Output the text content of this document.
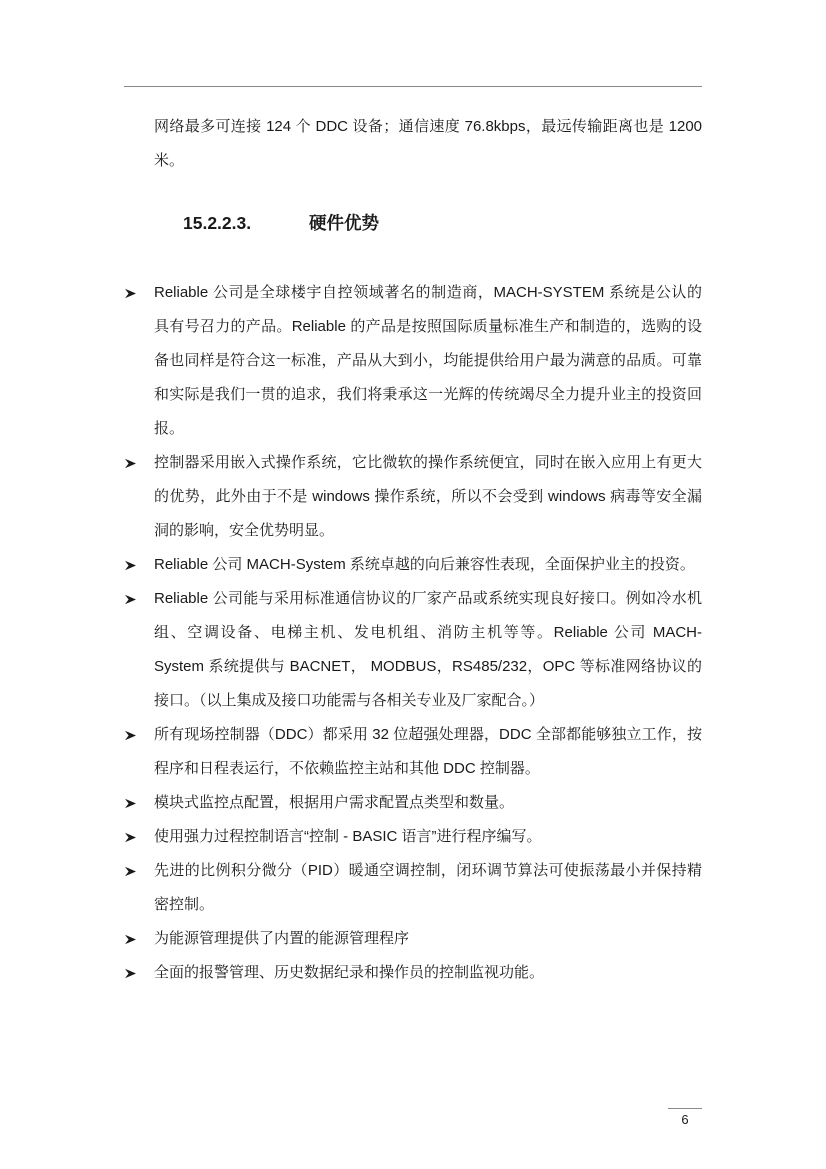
网络最多可连接 124 个 DDC 设备；通信速度 76.8kbps，最远传输距离也是 1200 米。

15.2.2.3.	硬件优势
Reliable 公司是全球楼宇自控领域著名的制造商，MACH-SYSTEM 系统是公认的具有号召力的产品。Reliable 的产品是按照国际质量标准生产和制造的，选购的设备也同样是符合这一标准，产品从大到小，均能提供给用户最为满意的品质。可靠和实际是我们一贯的追求，我们将秉承这一光辉的传统竭尽全力提升业主的投资回报。
控制器采用嵌入式操作系统，它比微软的操作系统便宜，同时在嵌入应用上有更大的优势，此外由于不是 windows 操作系统，所以不会受到 windows 病毒等安全漏洞的影响，安全优势明显。
Reliable 公司 MACH-System 系统卓越的向后兼容性表现，全面保护业主的投资。
Reliable 公司能与采用标准通信协议的厂家产品或系统实现良好接口。例如冷水机组、空调设备、电梯主机、发电机组、消防主机等等。Reliable 公司 MACH-System 系统提供与 BACNET， MODBUS，RS485/232，OPC 等标准网络协议的接口。（以上集成及接口功能需与各相关专业及厂家配合。）
所有现场控制器（DDC）都采用 32 位超强处理器，DDC 全部都能够独立工作，按程序和日程表运行，不依赖监控主站和其他 DDC 控制器。
模块式监控点配置，根据用户需求配置点类型和数量。
使用强力过程控制语言“控制 - BASIC 语言”进行程序编写。
先进的比例积分微分（PID）暖通空调控制，闭环调节算法可使振荡最小并保持精密控制。
为能源管理提供了内置的能源管理程序
全面的报警管理、历史数据纪录和操作员的控制监视功能。
6
